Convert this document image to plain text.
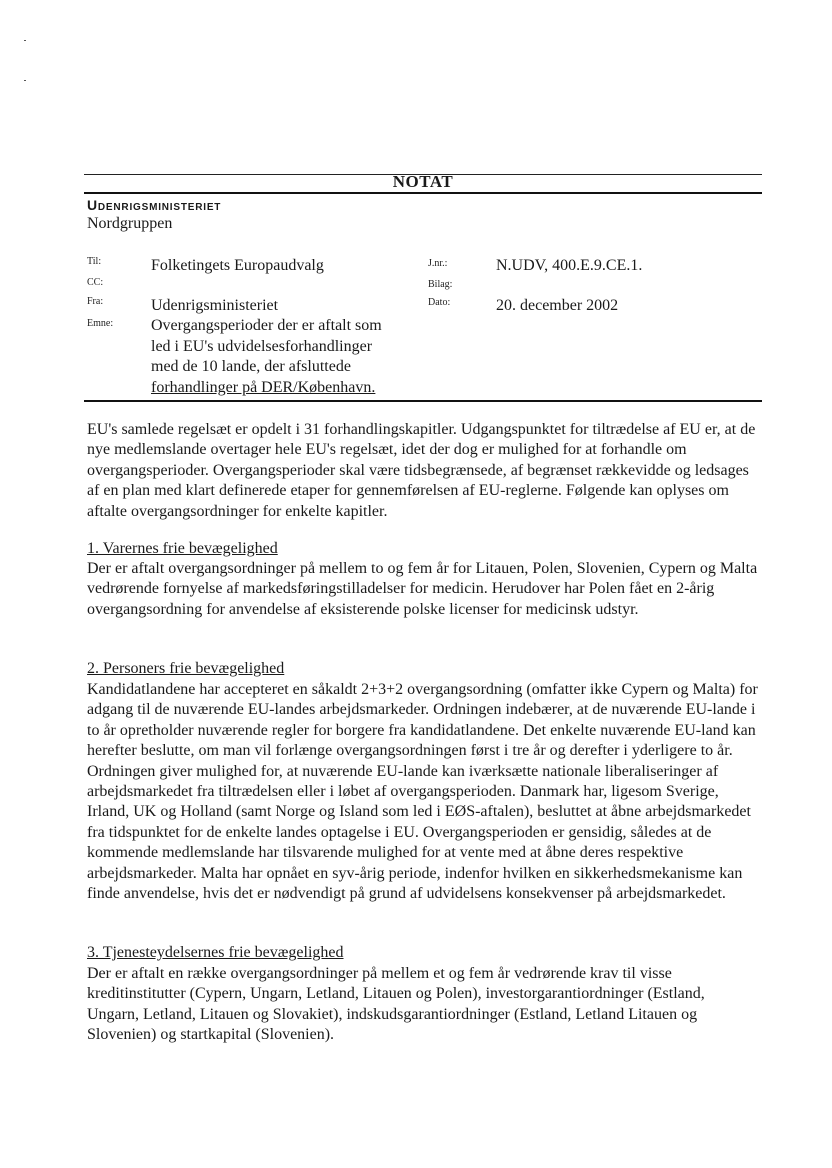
NOTAT
Udenrigsministeriet
Nordgruppen
Til:	Folketingets Europaudvalg
CC:
Fra:	Udenrigsministeriet
Emne: Overgangsperioder der er aftalt som
led i EU's udvidelsesforhandlinger
med de 10 lande, der afsluttede
forhandlinger på DER/København.
J.nr.:	N.UDV, 400.E.9.CE.1.
Bilag:
Dato:	20. december 2002

EU's samlede regelsæt er opdelt i 31 forhandlingskapitler. Udgangspunktet for tiltrædelse af EU er, at de nye medlemslande overtager hele EU's regelsæt, idet der dog er mulighed for at forhandle om overgangsperioder. Overgangsperioder skal være tidsbegrænsede, af begrænset rækkevidde og ledsages af en plan med klart definerede etaper for gennemførelsen af EU-reglerne. Følgende kan oplyses om aftalte overgangsordninger for enkelte kapitler.

1. Varernes frie bevægelighed

Der er aftalt overgangsordninger på mellem to og fem år for Litauen, Polen, Slovenien, Cypern og Malta vedrørende fornyelse af markedsføringstilladelser for medicin. Herudover har Polen fået en 2-årig overgangsordning for anvendelse af eksisterende polske licenser for medicinsk udstyr.

2. Personers frie bevægelighed

Kandidatlandene har accepteret en såkaldt 2+3+2 overgangsordning (omfatter ikke Cypern og Malta) for adgang til de nuværende EU-landes arbejdsmarkeder. Ordningen indebærer, at de nuværende EU-lande i to år opretholder nuværende regler for borgere fra kandidatlandene. Det enkelte nuværende EU-land kan herefter beslutte, om man vil forlænge overgangsordningen først i tre år og derefter i yderligere to år. Ordningen giver mulighed for, at nuværende EU-lande kan iværksætte nationale liberaliseringer af arbejdsmarkedet fra tiltrædelsen eller i løbet af overgangsperioden. Danmark har, ligesom Sverige, Irland, UK og Holland (samt Norge og Island som led i EØS-aftalen), besluttet at åbne arbejdsmarkedet fra tidspunktet for de enkelte landes optagelse i EU. Overgangsperioden er gensidig, således at de kommende medlemslande har tilsvarende mulighed for at vente med at åbne deres respektive arbejdsmarkeder. Malta har opnået en syv-årig periode, indenfor hvilken en sikkerhedsmekanisme kan finde anvendelse, hvis det er nødvendigt på grund af udvidelsens konsekvenser på arbejdsmarkedet.

3. Tjenesteydelsernes frie bevægelighed

Der er aftalt en række overgangsordninger på mellem et og fem år vedrørende krav til visse kreditinstitutter (Cypern, Ungarn, Letland, Litauen og Polen), investorgarantiordninger (Estland, Ungarn, Letland, Litauen og Slovakiet), indskudsgarantiordninger (Estland, Letland Litauen og Slovenien) og startkapital (Slovenien).
